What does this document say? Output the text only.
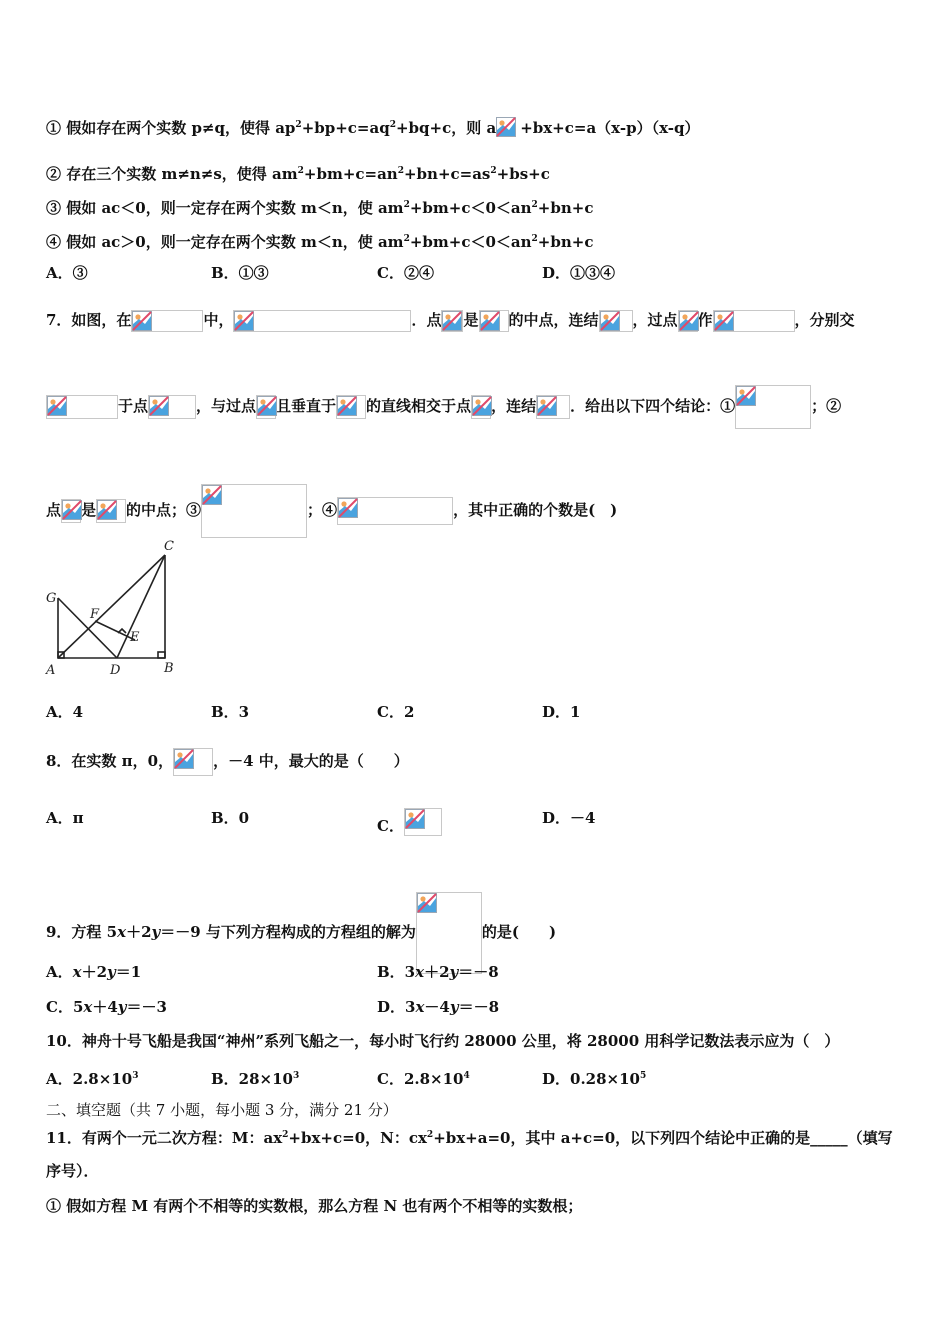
① 假如存在两个实数 p≠q，使得 $ap^2+bp+c=aq^2+bq+c$，则 a +bx+c=a（x-p）（x-q）
② 存在三个实数 m≠n≠s，使得 $am^2+bm+c=an^2+bn+c=as^2+bs+c$
③ 假如 ac＜0，则一定存在两个实数 m＜n，使 $am^2+bm+c<0<an^2+bn+c$
④ 假如 ac＞0，则一定存在两个实数 m＜n，使 $am^2+bm+c<0<an^2+bn+c$
A．③	B．①③	C．②④	D．①③④
7．如图，在	中，	．点 是 的中点，连结 ，过点 作	，分别交
于点	，与过点 且垂直于 的直线相交于点 ，连结 ．给出以下四个结论：①	；②
点 是 的中点；③	；④	，其中正确的个数是(　)
C
G
F
E
A	D	B
A．4	B．3	C．2	D．1
8．在实数 π，0，	，－4 中，最大的是（　　）
A．π	B．0	C．	D．－4
9．方程 5x＋2y＝－9 与下列方程构成的方程组的解为	的是(　　)
A．x＋2y＝1	B．3x＋2y＝－8
C．5x＋4y＝－3	D．3x－4y＝－8
10．神舟十号飞船是我国“神州”系列飞船之一，每小时飞行约 28000 公里，将 28000 用科学记数法表示应为（　）
A．$2.8\times 10^3$	B．$28\times 10^3$	C．$2.8\times 10^4$	D．$0.28\times 10^5$
二、填空题（共 7 小题，每小题 3 分，满分 21 分）
11．有两个一元二次方程：M：$ax^2+bx+c=0$，N：$cx^2+bx+a=0$，其中 a+c=0，以下列四个结论中正确的是_____（填写
序号）．
① 假如方程 M 有两个不相等的实数根，那么方程 N 也有两个不相等的实数根；
